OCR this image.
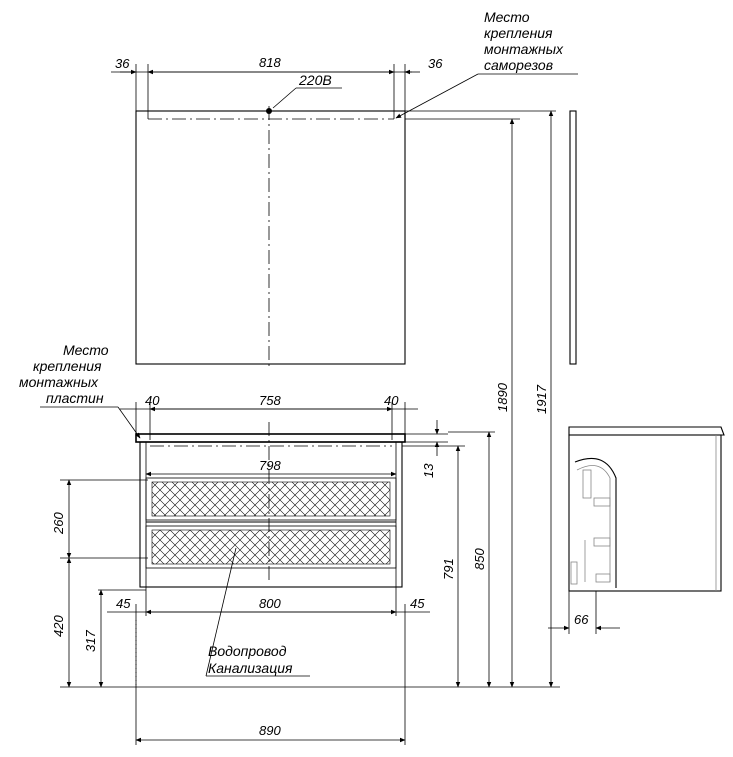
36	818	36
220В
Место
крепления
монтажных
саморезов
Место
крепления
монтажных
пластин	40	758	40
798
45	800	45
890
13
Водопровод
Канализация
260
420
317
791 850
1890 1917
66
